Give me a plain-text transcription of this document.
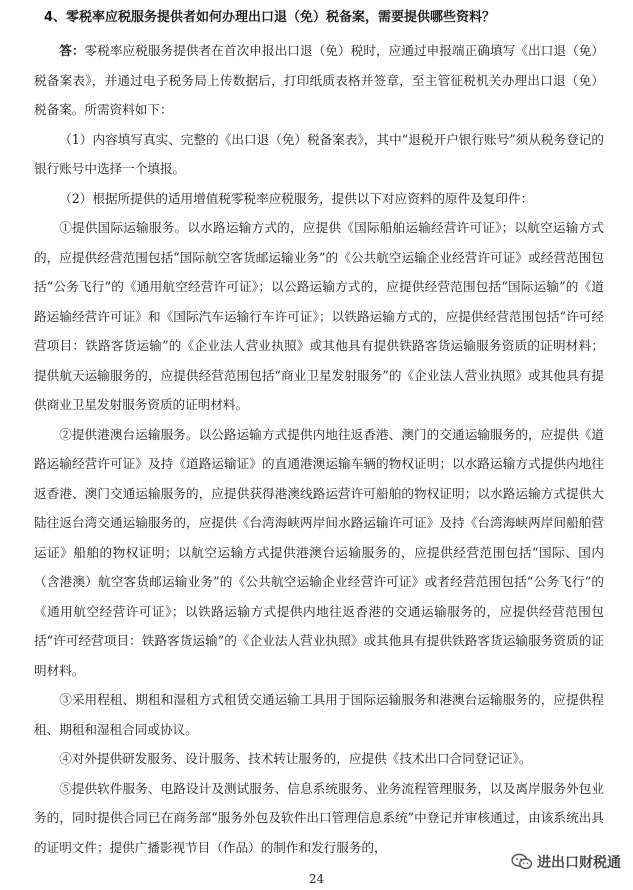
4、零税率应税服务提供者如何办理出口退（免）税备案，需要提供哪些资料？

答：零税率应税服务提供者在首次申报出口退（免）税时，应通过申报端正确填写《出口退（免）税备案表》，并通过电子税务局上传数据后，打印纸质表格并签章，至主管征税机关办理出口退（免）税备案。所需资料如下：

（1）内容填写真实、完整的《出口退（免）税备案表》，其中“退税开户银行账号”须从税务登记的银行账号中选择一个填报。

（2）根据所提供的适用增值税零税率应税服务，提供以下对应资料的原件及复印件：

①提供国际运输服务。以水路运输方式的，应提供《国际船舶运输经营许可证》；以航空运输方式的，应提供经营范围包括“国际航空客货邮运输业务”的《公共航空运输企业经营许可证》或经营范围包括“公务飞行”的《通用航空经营许可证》；以公路运输方式的，应提供经营范围包括“国际运输”的《道路运输经营许可证》和《国际汽车运输行车许可证》；以铁路运输方式的，应提供经营范围包括“许可经营项目：铁路客货运输”的《企业法人营业执照》或其他具有提供铁路客货运输服务资质的证明材料；提供航天运输服务的，应提供经营范围包括“商业卫星发射服务”的《企业法人营业执照》或其他具有提供商业卫星发射服务资质的证明材料。

②提供港澳台运输服务。以公路运输方式提供内地往返香港、澳门的交通运输服务的，应提供《道路运输经营许可证》及持《道路运输证》的直通港澳运输车辆的物权证明；以水路运输方式提供内地往返香港、澳门交通运输服务的，应提供获得港澳线路运营许可船舶的物权证明；以水路运输方式提供大陆往返台湾交通运输服务的，应提供《台湾海峡两岸间水路运输许可证》及持《台湾海峡两岸间船舶营运证》船舶的物权证明；以航空运输方式提供港澳台运输服务的，应提供经营范围包括“国际、国内（含港澳）航空客货邮运输业务”的《公共航空运输企业经营许可证》或者经营范围包括“公务飞行”的《通用航空经营许可证》；以铁路运输方式提供内地往返香港的交通运输服务的，应提供经营范围包括“许可经营项目：铁路客货运输”的《企业法人营业执照》或其他具有提供铁路客货运输服务资质的证明材料。

③采用程租、期租和湿租方式租赁交通运输工具用于国际运输服务和港澳台运输服务的，应提供程租、期租和湿租合同或协议。

④对外提供研发服务、设计服务、技术转让服务的，应提供《技术出口合同登记证》。

⑤提供软件服务、电路设计及测试服务、信息系统服务、业务流程管理服务，以及离岸服务外包业务的，同时提供合同已在商务部“服务外包及软件出口管理信息系统”中登记并审核通过，由该系统出具的证明文件；提供广播影视节目（作品）的制作和发行服务的，

24
进出口财税通
